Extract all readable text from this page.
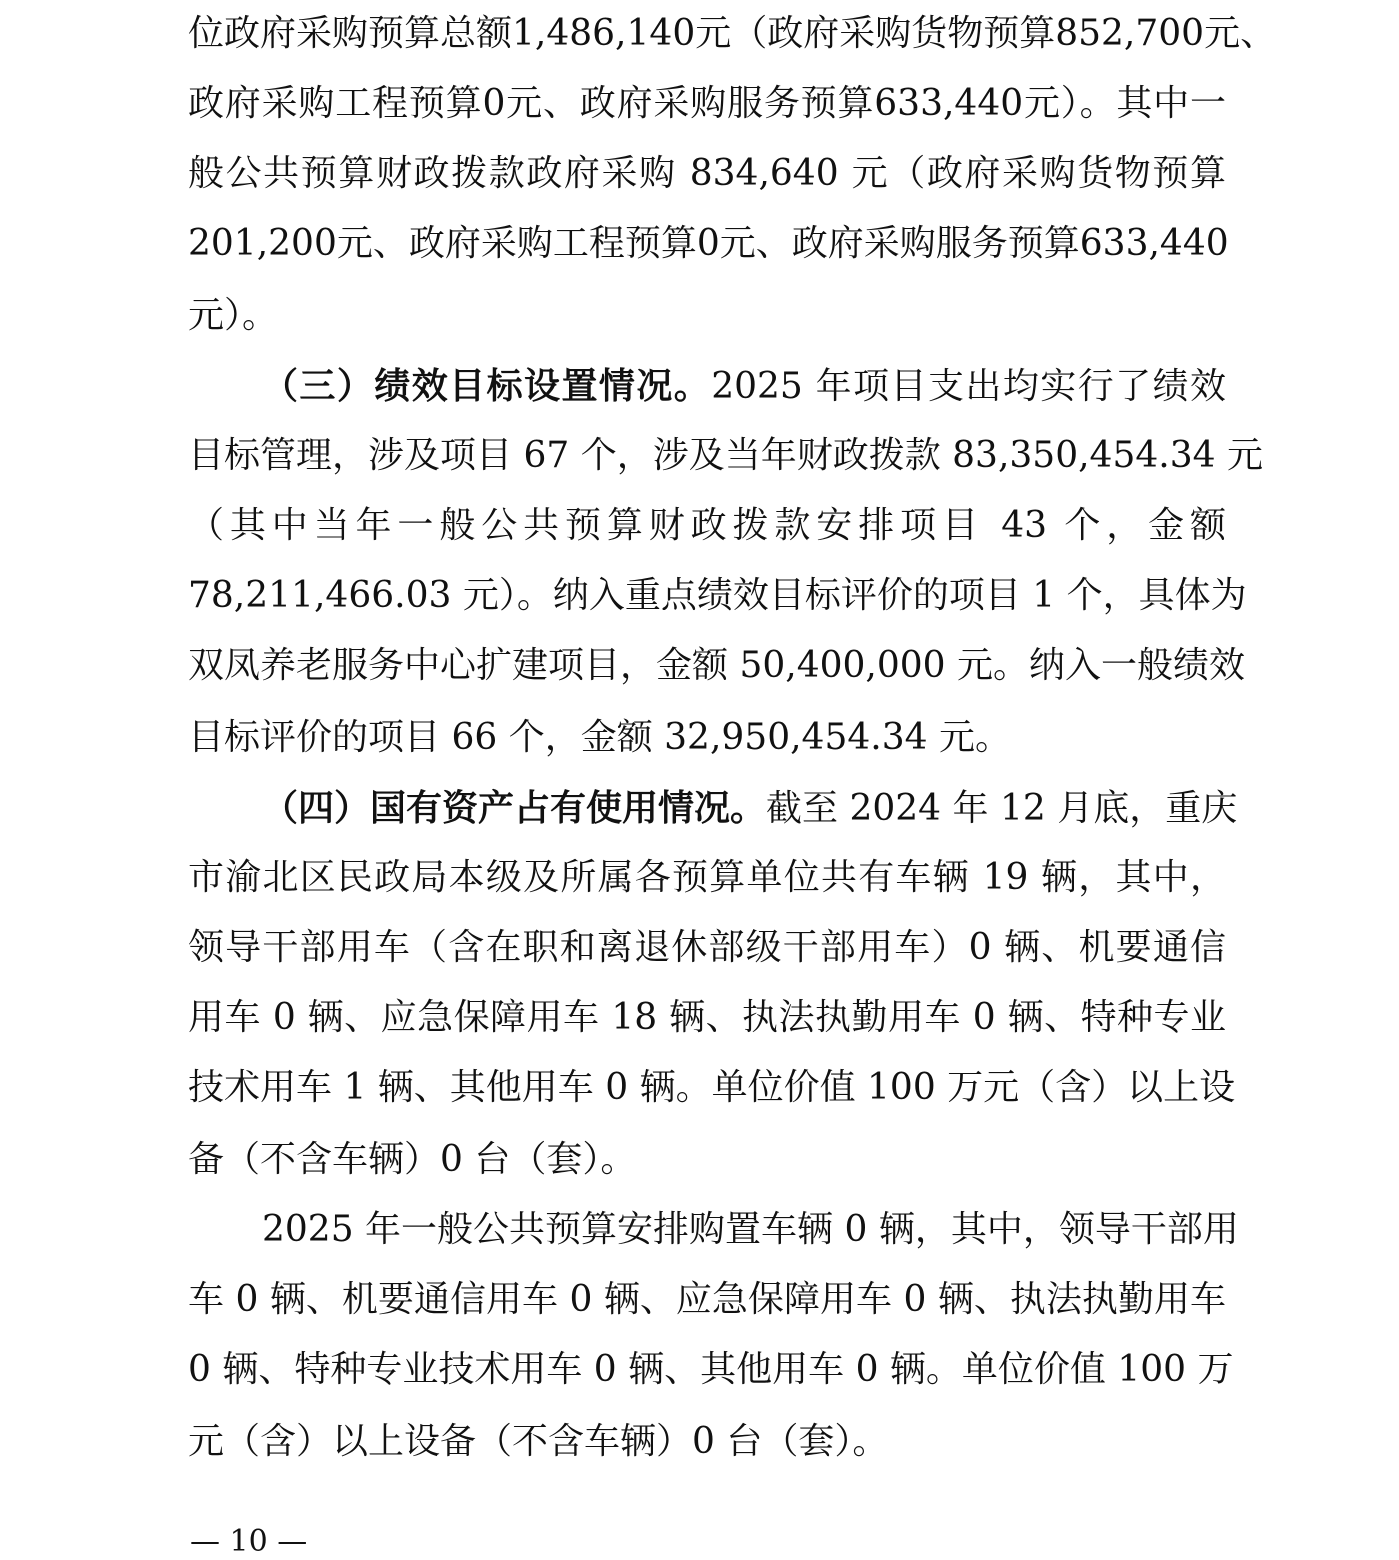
位政府采购预算总额1,486,140元（政府采购货物预算852,700元、
政府采购工程预算0元、政府采购服务预算633,440元）。其中一
般公共预算财政拨款政府采购 834,640 元（政府采购货物预算
201,200元、政府采购工程预算0元、政府采购服务预算633,440
元）。
（三）绩效目标设置情况。2025 年项目支出均实行了绩效
目标管理，涉及项目 67 个，涉及当年财政拨款 83,350,454.34 元
（其中当年一般公共预算财政拨款安排项目 43 个，金额
78,211,466.03 元）。纳入重点绩效目标评价的项目 1 个，具体为
双凤养老服务中心扩建项目，金额 50,400,000 元。纳入一般绩效
目标评价的项目 66 个，金额 32,950,454.34 元。
（四）国有资产占有使用情况。截至 2024 年 12 月底，重庆
市渝北区民政局本级及所属各预算单位共有车辆 19 辆，其中，
领导干部用车（含在职和离退休部级干部用车）0 辆、机要通信
用车 0 辆、应急保障用车 18 辆、执法执勤用车 0 辆、特种专业
技术用车 1 辆、其他用车 0 辆。单位价值 100 万元（含）以上设
备（不含车辆）0 台（套）。
2025 年一般公共预算安排购置车辆 0 辆，其中，领导干部用
车 0 辆、机要通信用车 0 辆、应急保障用车 0 辆、执法执勤用车
0 辆、特种专业技术用车 0 辆、其他用车 0 辆。单位价值 100 万
元（含）以上设备（不含车辆）0 台（套）。
— 10 —
